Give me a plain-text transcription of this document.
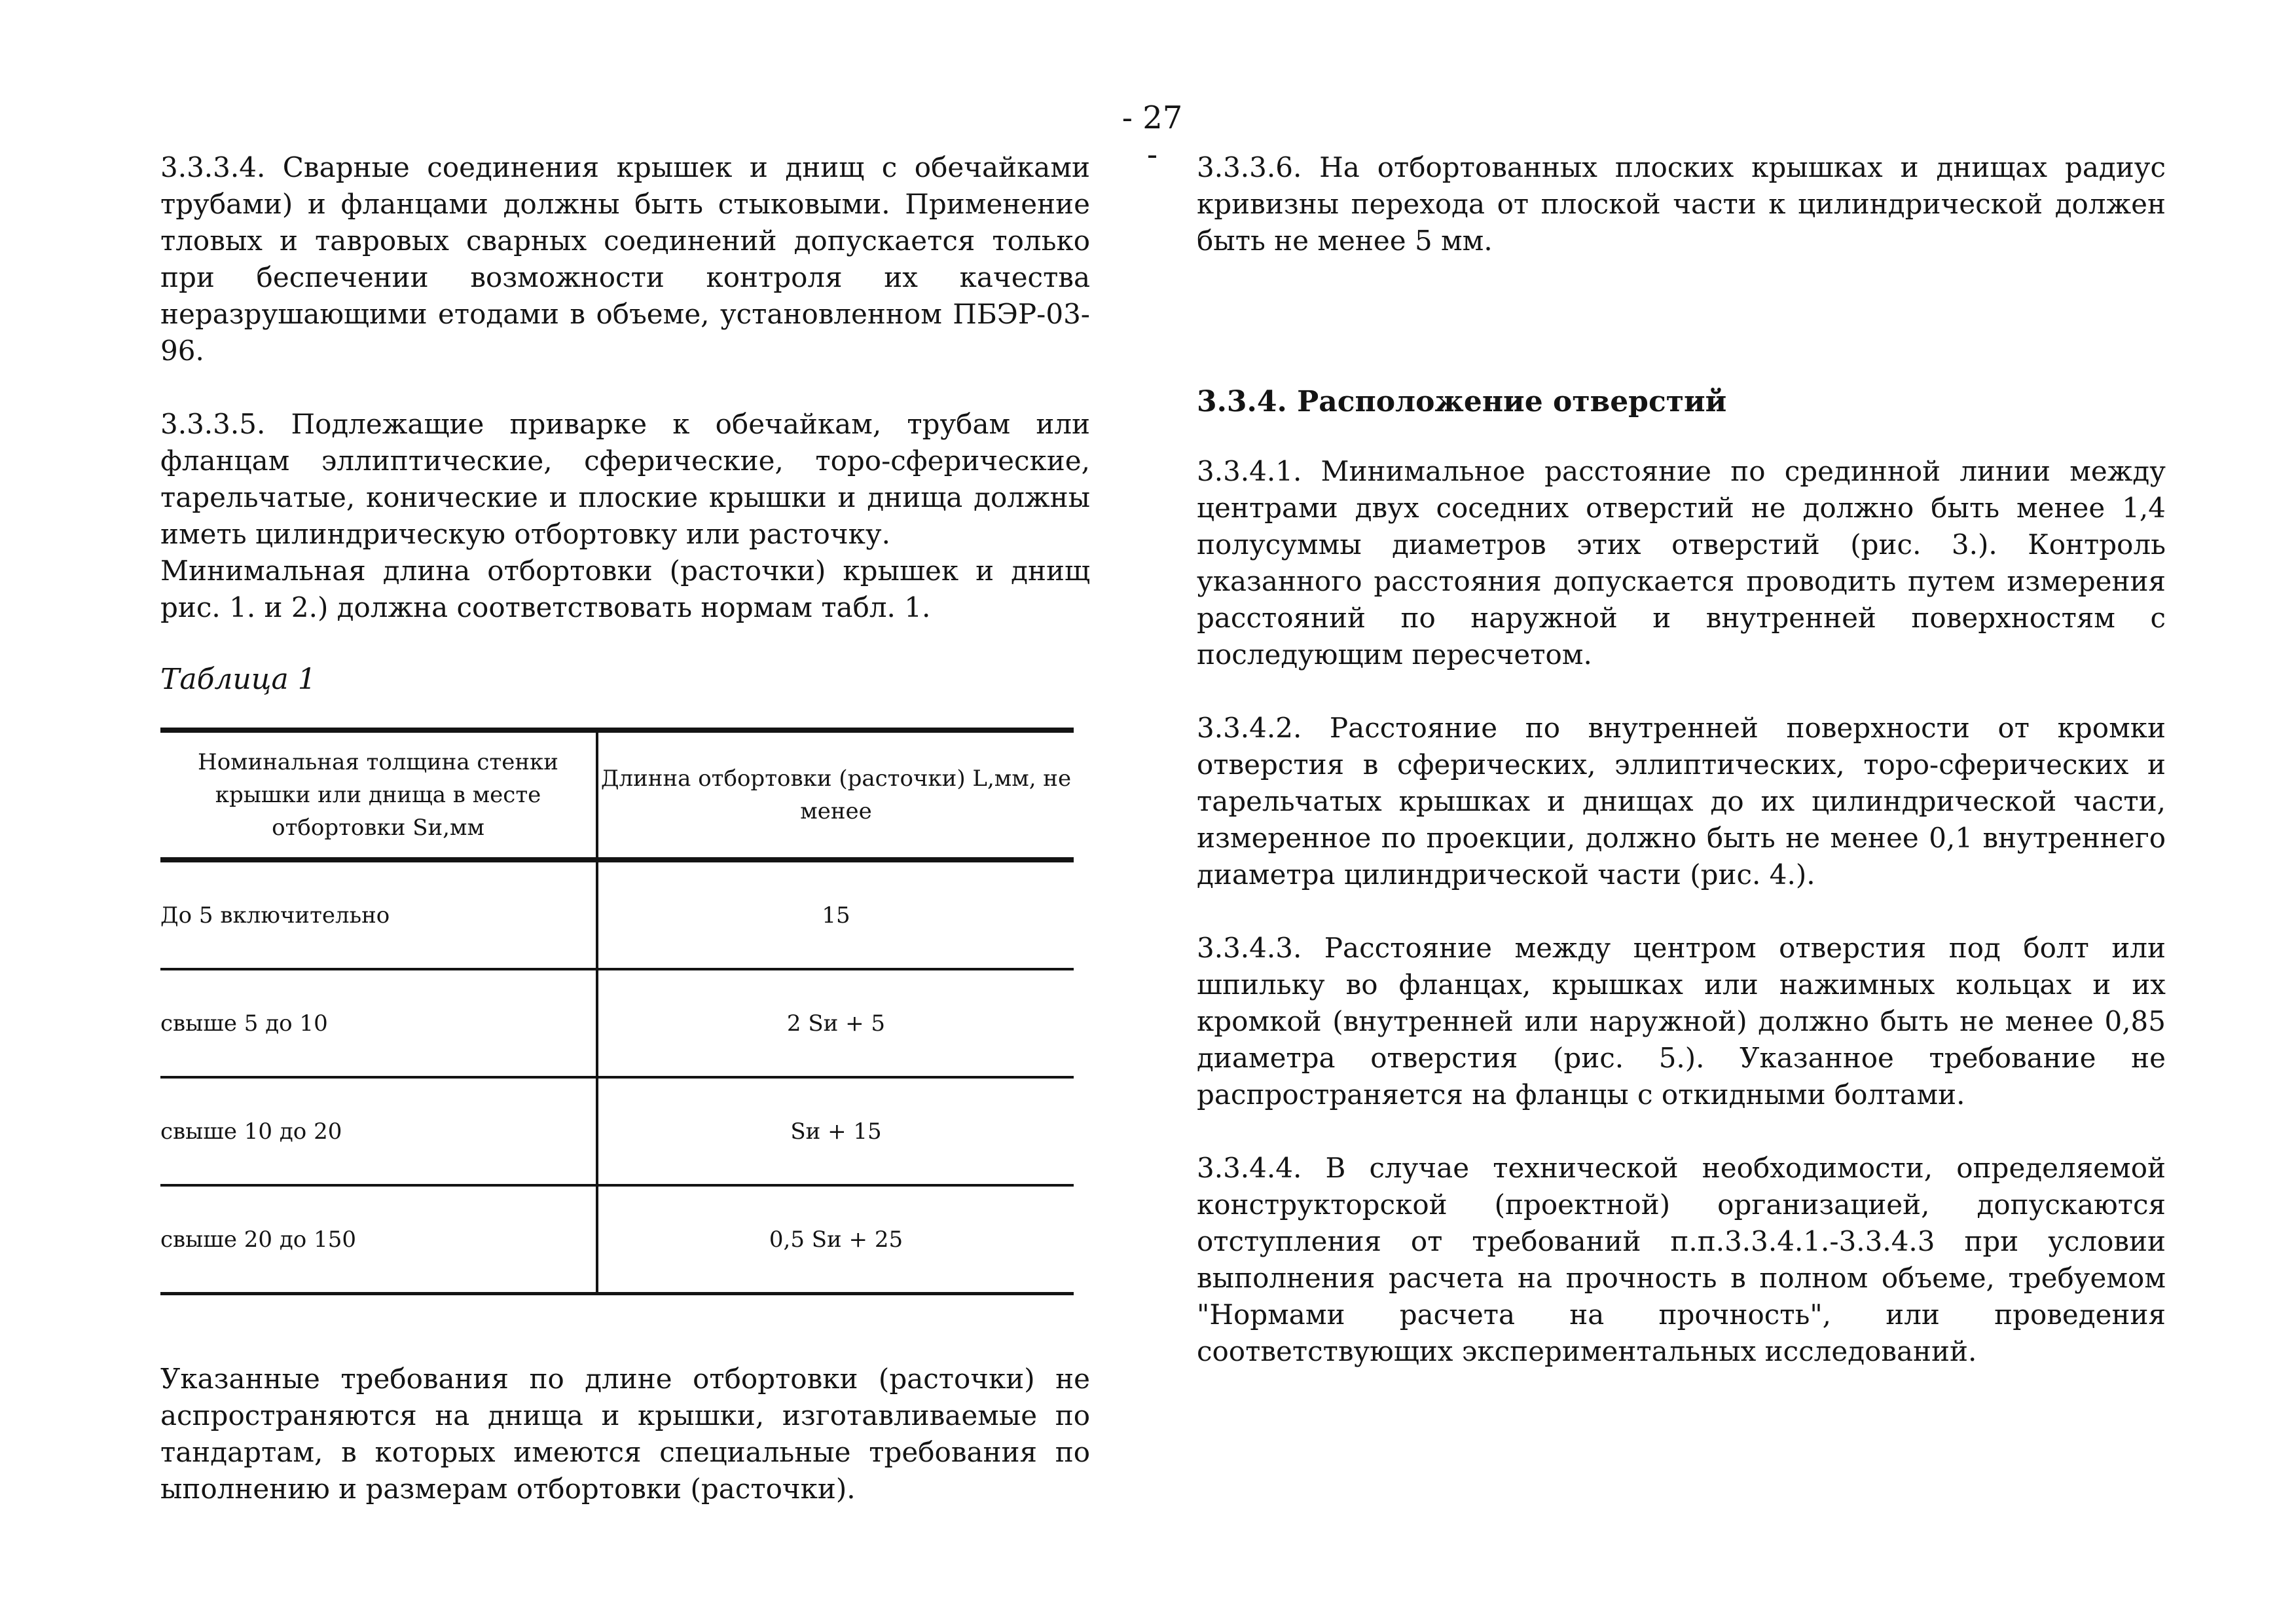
- 27 -

3.3.3.4. Сварные соединения крышек и днищ с обечайками трубами) и фланцами должны быть стыковыми. Применение тловых и тавровых сварных соединений допускается только при беспечении возможности контроля их качества неразрушающими етодами в объеме, установленном ПБЭР-03-96.

3.3.3.5. Подлежащие приварке к обечайкам, трубам или фланцам эллиптические, сферические, торо-сферические, тарельчатые, конические и плоские крышки и днища должны иметь цилиндрическую отбортовку или расточку.

Минимальная длина отбортовки (расточки) крышек и днищ рис. 1. и 2.) должна соответствовать нормам табл. 1.

Таблица 1
Номинальная толщина стенки крышки или днища в месте отбортовки Sи,мм	Длинна отбортовки (расточки) L,мм, не менее
До 5 включительно	15
свыше 5 до 10	2 Sи + 5
свыше 10 до 20	Sи + 15
свыше 20 до 150	0,5 Sи + 25

Указанные требования по длине отбортовки (расточки) не аспространяются на днища и крышки, изготавливаемые по тандартам, в которых имеются специальные требования по ыполнению и размерам отбортовки (расточки).

3.3.3.6. На отбортованных плоских крышках и днищах радиус кривизны перехода от плоской части к цилиндрической должен быть не менее 5 мм.

3.3.4. Расположение отверстий

3.3.4.1. Минимальное расстояние по срединной линии между центрами двух соседних отверстий не должно быть менее 1,4 полусуммы диаметров этих отверстий (рис. 3.). Контроль указанного расстояния допускается проводить путем измерения расстояний по наружной и внутренней поверхностям с последующим пересчетом.

3.3.4.2. Расстояние по внутренней поверхности от кромки отверстия в сферических, эллиптических, торо-сферических и тарельчатых крышках и днищах до их цилиндрической части, измеренное по проекции, должно быть не менее 0,1 внутреннего диаметра цилиндрической части (рис. 4.).

3.3.4.3. Расстояние между центром отверстия под болт или шпильку во фланцах, крышках или нажимных кольцах и их кромкой (внутренней или наружной) должно быть не менее 0,85 диаметра отверстия (рис. 5.). Указанное требование не распространяется на фланцы с откидными болтами.

3.3.4.4. В случае технической необходимости, определяемой конструкторской (проектной) организацией, допускаются отступления от требований п.п.3.3.4.1.-3.3.4.3 при условии выполнения расчета на прочность в полном объеме, требуемом "Нормами расчета на прочность", или проведения соответствующих экспериментальных исследований.
